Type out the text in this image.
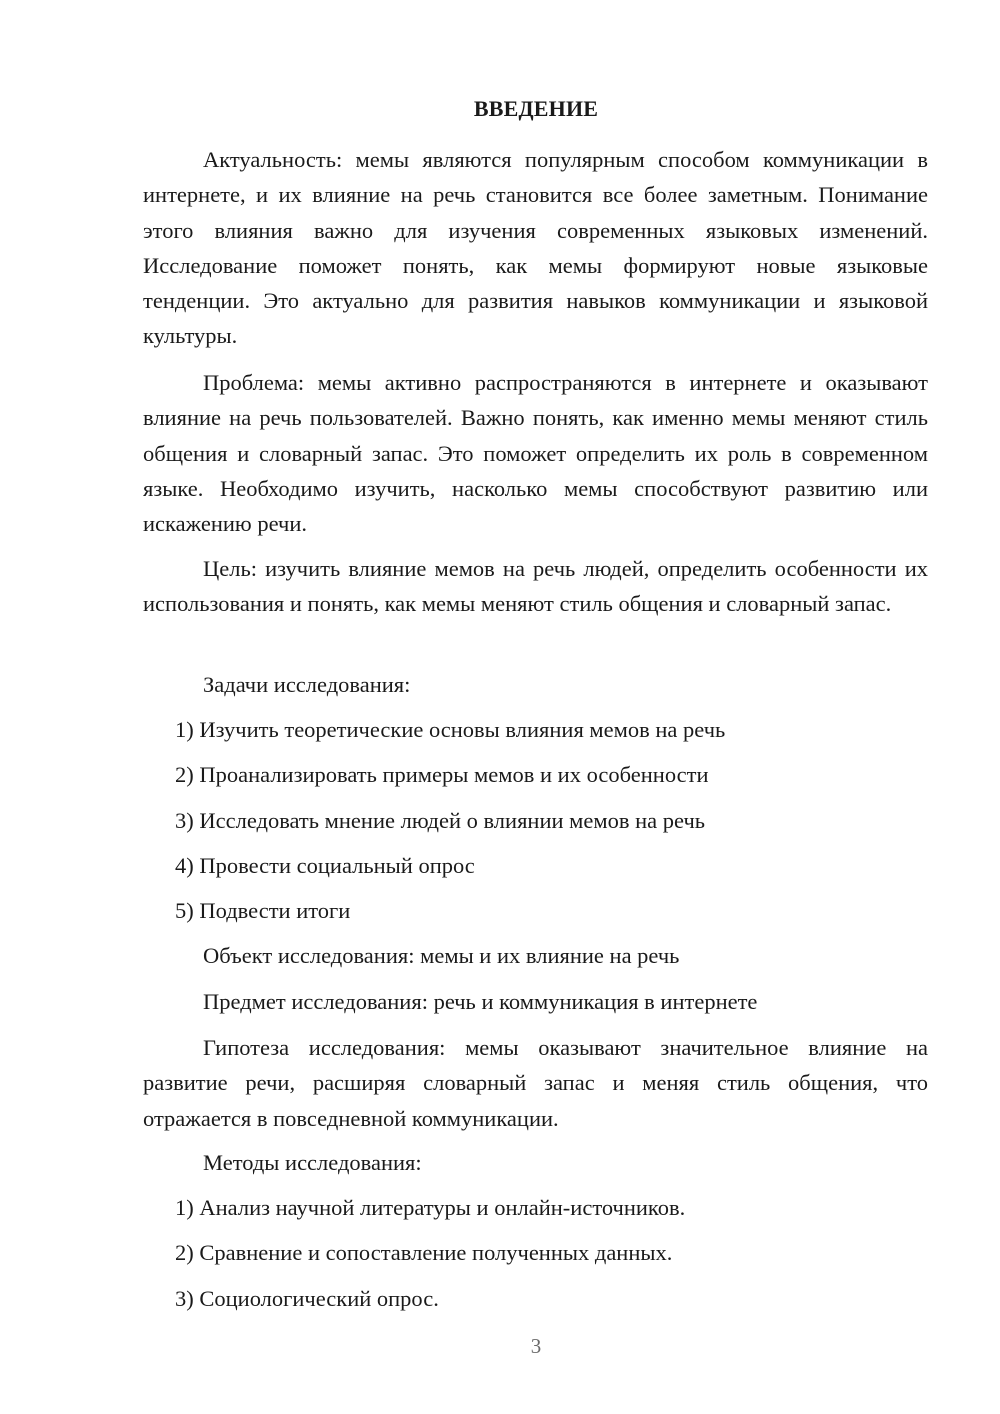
ВВЕДЕНИЕ

Актуальность: мемы являются популярным способом коммуникации в интернете, и их влияние на речь становится все более заметным. Понимание этого влияния важно для изучения современных языковых изменений. Исследование поможет понять, как мемы формируют новые языковые тенденции. Это актуально для развития навыков коммуникации и языковой культуры.

Проблема: мемы активно распространяются в интернете и оказывают влияние на речь пользователей. Важно понять, как именно мемы меняют стиль общения и словарный запас. Это поможет определить их роль в современном языке. Необходимо изучить, насколько мемы способствуют развитию или искажению речи.

Цель: изучить влияние мемов на речь людей, определить особенности их использования и понять, как мемы меняют стиль общения и словарный запас.

Задачи исследования:
1) Изучить теоретические основы влияния мемов на речь
2) Проанализировать примеры мемов и их особенности
3) Исследовать мнение людей о влиянии мемов на речь
4) Провести социальный опрос
5) Подвести итоги
Объект исследования: мемы и их влияние на речь
Предмет исследования: речь и коммуникация в интернете

Гипотеза исследования: мемы оказывают значительное влияние на развитие речи, расширяя словарный запас и меняя стиль общения, что отражается в повседневной коммуникации.

Методы исследования:
1) Анализ научной литературы и онлайн-источников.
2) Сравнение и сопоставление полученных данных.
3) Социологический опрос.
3
